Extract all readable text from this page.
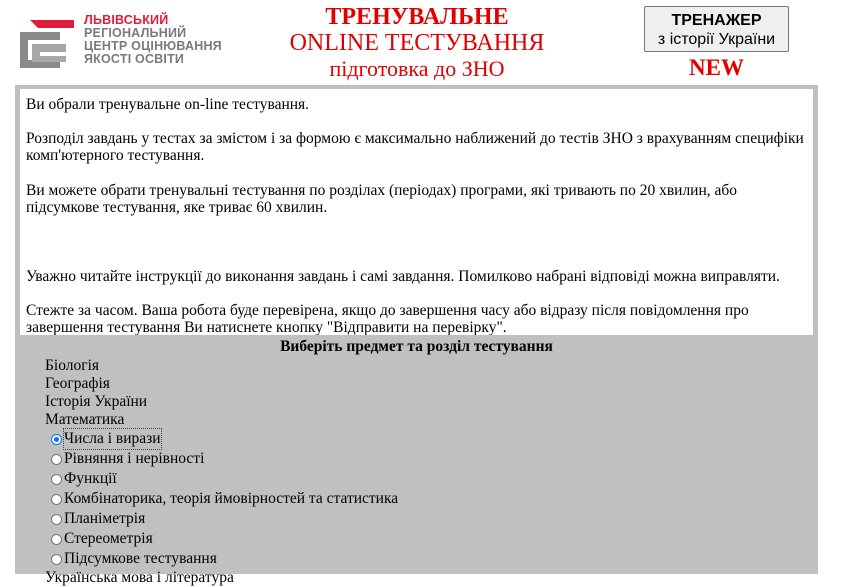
ЛЬВІВСЬКИЙ
РЕГІОНАЛЬНИЙ
ЦЕНТР ОЦІНЮВАННЯ
ЯКОСТІ ОСВІТИ
ТРЕНУВАЛЬНЕ
ONLINE ТЕСТУВАННЯ
підготовка до ЗНО
ТРЕНАЖЕР
з історії України
NEW

Ви обрали тренувальне on-line тестування.

Розподіл завдань у тестах за змістом і за формою є максимально наближений до тестів ЗНО з врахуванням специфіки комп'ютерного тестування.

Ви можете обрати тренувальні тестування по розділах (періодах) програми, які тривають по 20 хвилин, або підсумкове тестування, яке триває 60 хвилин.

Уважно читайте інструкції до виконання завдань і самі завдання. Помилково набрані відповіді можна виправляти.

Стежте за часом. Ваша робота буде перевірена, якщо до завершення часу або відразу після повідомлення про завершення тестування Ви натиснете кнопку "Відправити на перевірку".

Виберіть предмет та розділ тестування
Біологія
Географія
Історія України
Математика
Числа і вирази
Рівняння і нерівності
Функції
Комбінаторика, теорія ймовірностей та статистика
Планіметрія
Стереометрія
Підсумкове тестування
Українська мова і література
